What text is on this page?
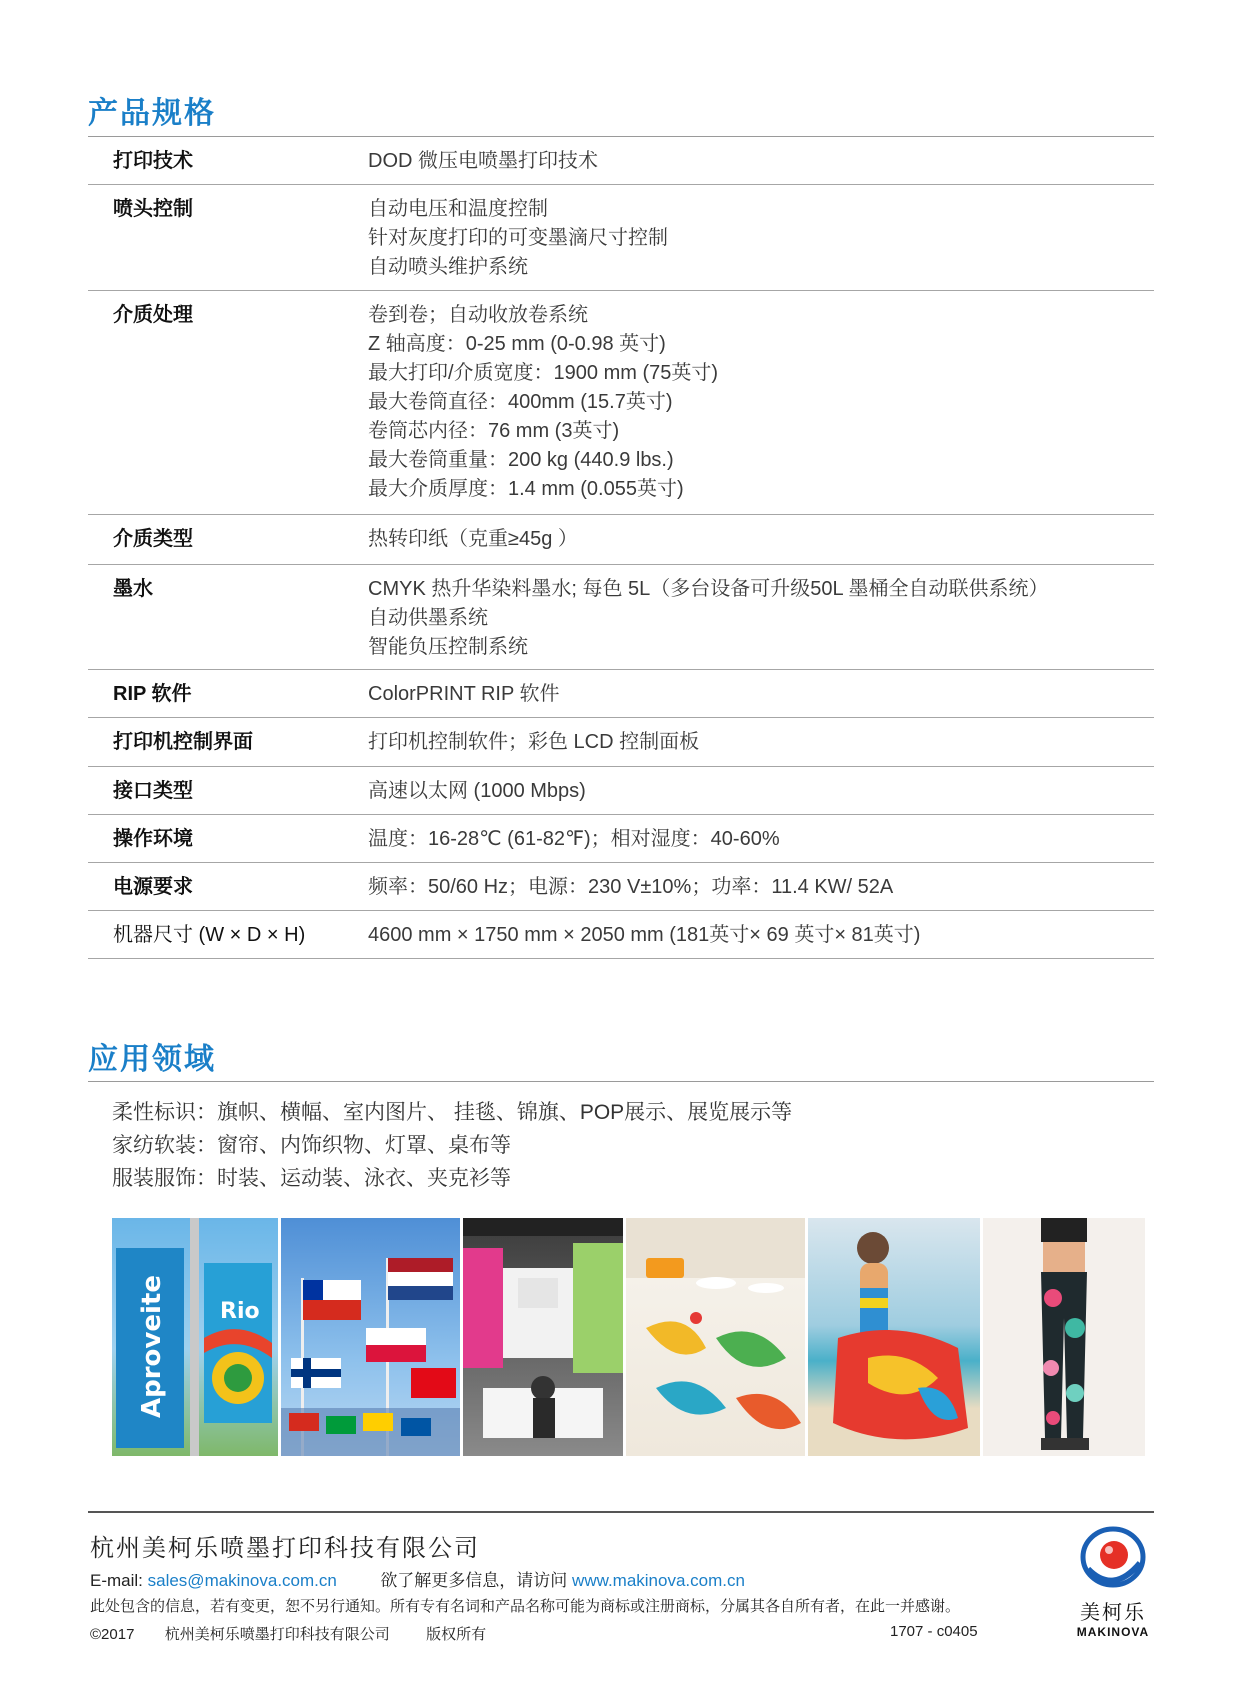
产品规格
打印技术	DOD 微压电喷墨打印技术
喷头控制	自动电压和温度控制
针对灰度打印的可变墨滴尺寸控制
自动喷头维护系统
介质处理	卷到卷；自动收放卷系统
Z 轴高度：0-25 mm (0-0.98 英寸)
最大打印/介质宽度：1900 mm (75英寸)
最大卷筒直径：400mm (15.7英寸)
卷筒芯内径：76 mm (3英寸)
最大卷筒重量：200 kg (440.9 lbs.)
最大介质厚度：1.4 mm (0.055英寸)
介质类型	热转印纸（克重≥45g ）
墨水	CMYK 热升华染料墨水; 每色 5L（多台设备可升级50L 墨桶全自动联供系统）
自动供墨系统
智能负压控制系统
RIP 软件	ColorPRINT RIP 软件
打印机控制界面	打印机控制软件；彩色 LCD 控制面板
接口类型	高速以太网 (1000 Mbps)
操作环境	温度：16-28℃ (61-82℉)；相对湿度：40-60%
电源要求	频率：50/60 Hz；电源：230 V±10%；功率：11.4 KW/ 52A
机器尺寸 (W × D × H)	4600 mm × 1750 mm × 2050 mm (181英寸× 69 英寸× 81英寸)
应用领域
柔性标识：旗帜、横幅、室内图片、 挂毯、锦旗、POP展示、展览展示等
家纺软装：窗帘、内饰织物、灯罩、桌布等
服装服饰：时装、运动装、泳衣、夹克衫等
Aproveite Rio
杭州美柯乐喷墨打印科技有限公司
E-mail: sales@makinova.com.cn	欲了解更多信息，请访问 www.makinova.com.cn
此处包含的信息，若有变更，恕不另行通知。所有专有名词和产品名称可能为商标或注册商标，分属其各自所有者，在此一并感谢。
©2017 杭州美柯乐喷墨打印科技有限公司 版权所有	1707 - c0405
美柯乐
MAKINOVA
